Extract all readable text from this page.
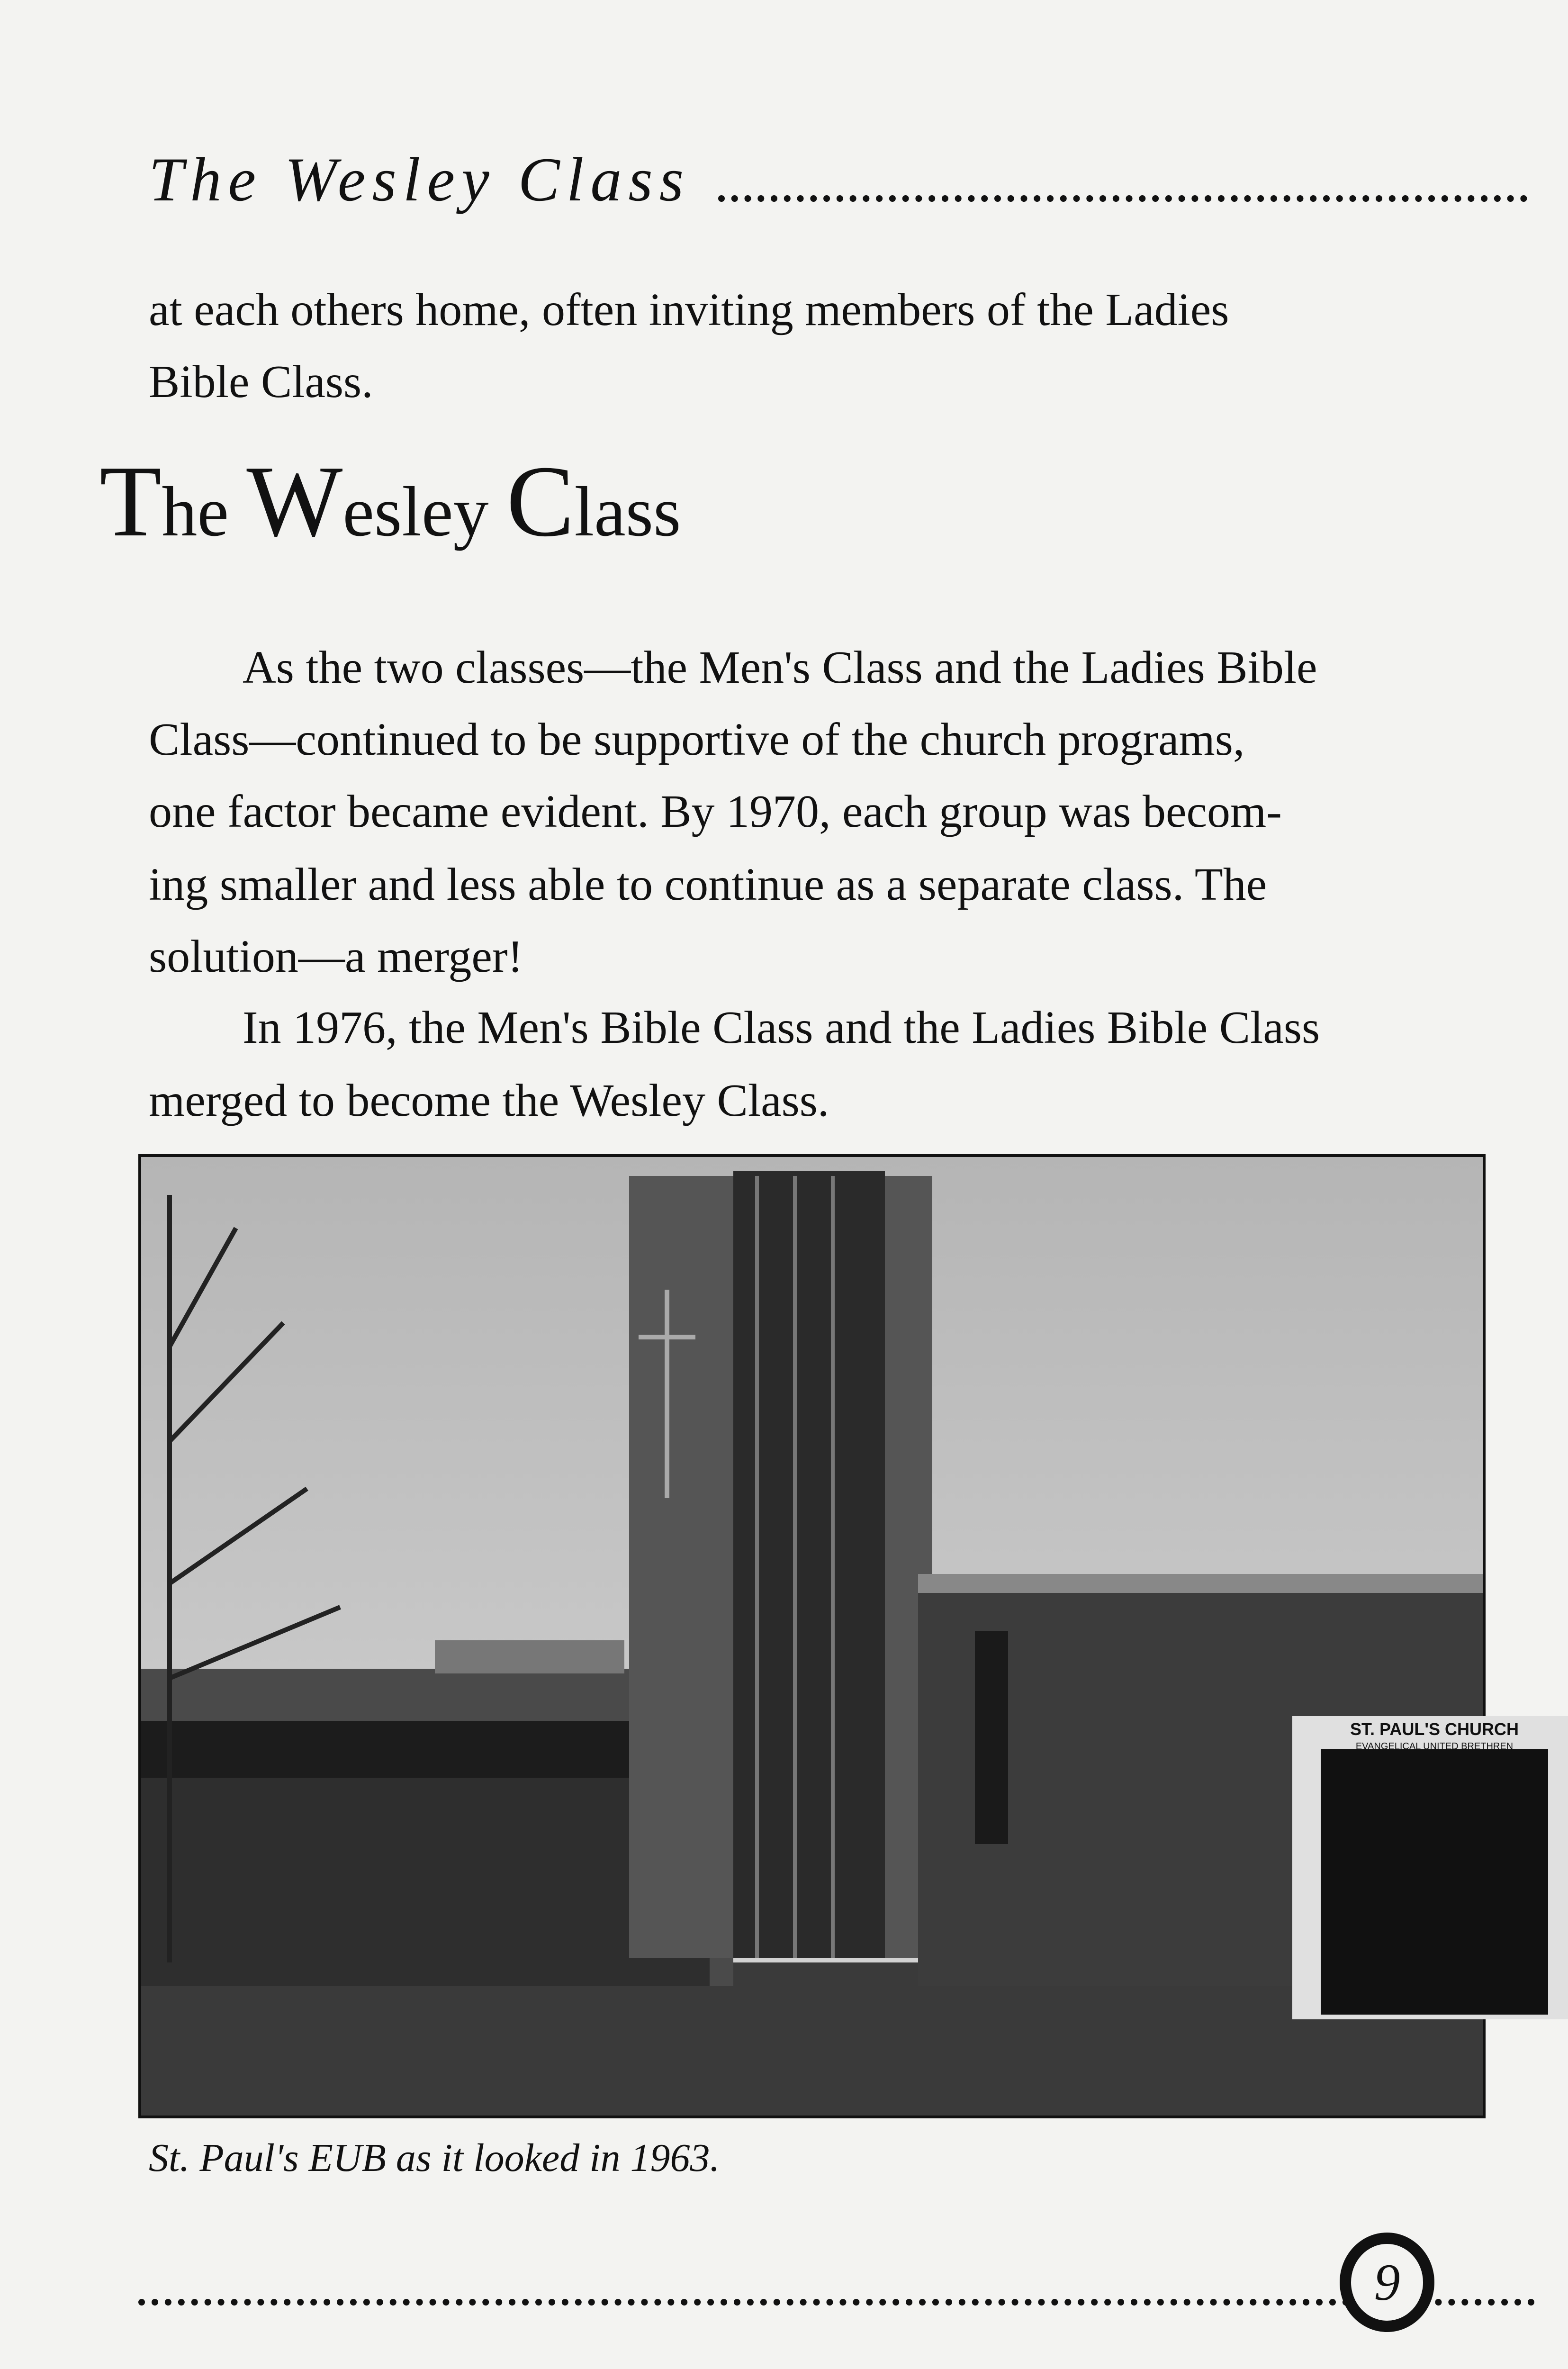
The Wesley Class
at each others home, often inviting members of the Ladies
Bible Class.
The Wesley Class
As the two classes—the Men's Class and the Ladies Bible
Class—continued to be supportive of the church programs,
one factor became evident. By 1970, each group was becom-
ing smaller and less able to continue as a separate class. The
solution—a merger!
In 1976, the Men's Bible Class and the Ladies Bible Class
merged to become the Wesley Class.
ST. PAUL'S CHURCH
EVANGELICAL UNITED BRETHREN
St. Paul's EUB as it looked in 1963.
9
